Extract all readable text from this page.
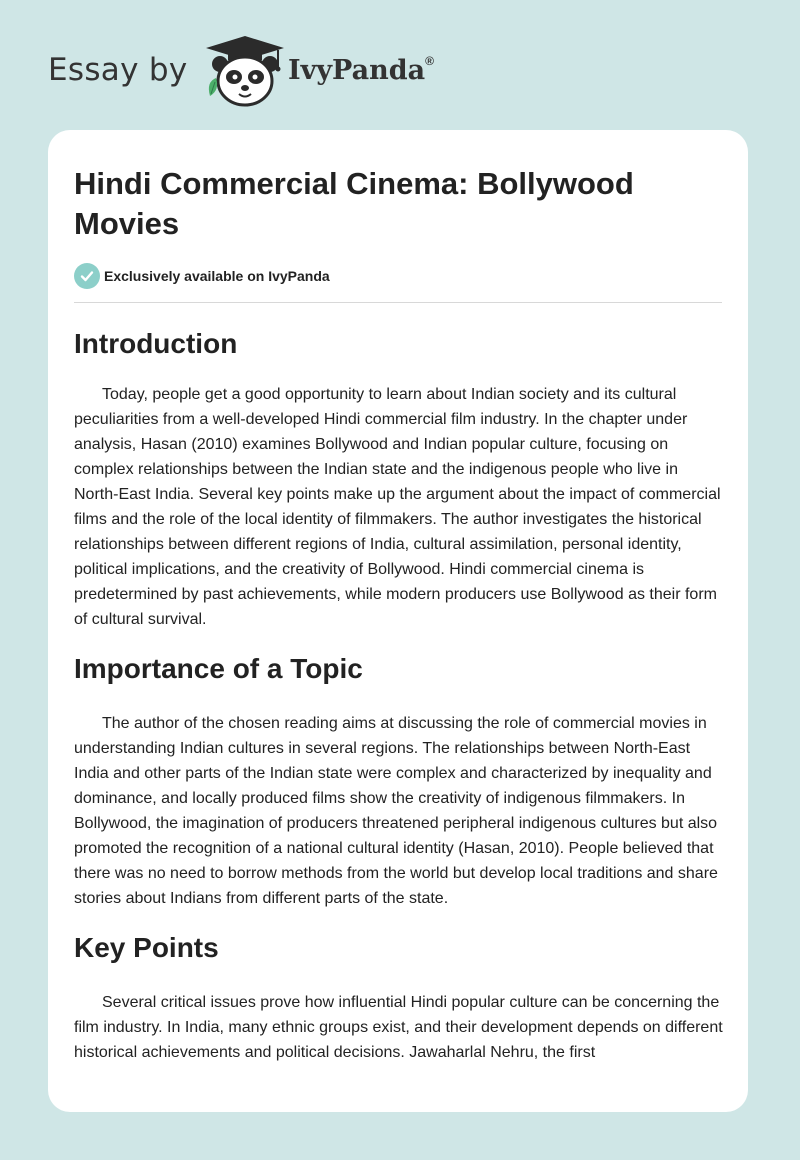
Essay by	IvyPanda®
Hindi Commercial Cinema: Bollywood Movies
Exclusively available on IvyPanda
Introduction

Today, people get a good opportunity to learn about Indian society and its cultural peculiarities from a well-developed Hindi commercial film industry. In the chapter under analysis, Hasan (2010) examines Bollywood and Indian popular culture, focusing on complex relationships between the Indian state and the indigenous people who live in North-East India. Several key points make up the argument about the impact of commercial films and the role of the local identity of filmmakers. The author investigates the historical relationships between different regions of India, cultural assimilation, personal identity, political implications, and the creativity of Bollywood. Hindi commercial cinema is predetermined by past achievements, while modern producers use Bollywood as their form of cultural survival.

Importance of a Topic

The author of the chosen reading aims at discussing the role of commercial movies in understanding Indian cultures in several regions. The relationships between North-East India and other parts of the Indian state were complex and characterized by inequality and dominance, and locally produced films show the creativity of indigenous filmmakers. In Bollywood, the imagination of producers threatened peripheral indigenous cultures but also promoted the recognition of a national cultural identity (Hasan, 2010). People believed that there was no need to borrow methods from the world but develop local traditions and share stories about Indians from different parts of the state.

Key Points

Several critical issues prove how influential Hindi popular culture can be concerning the film industry. In India, many ethnic groups exist, and their development depends on different historical achievements and political decisions. Jawaharlal Nehru, the first
